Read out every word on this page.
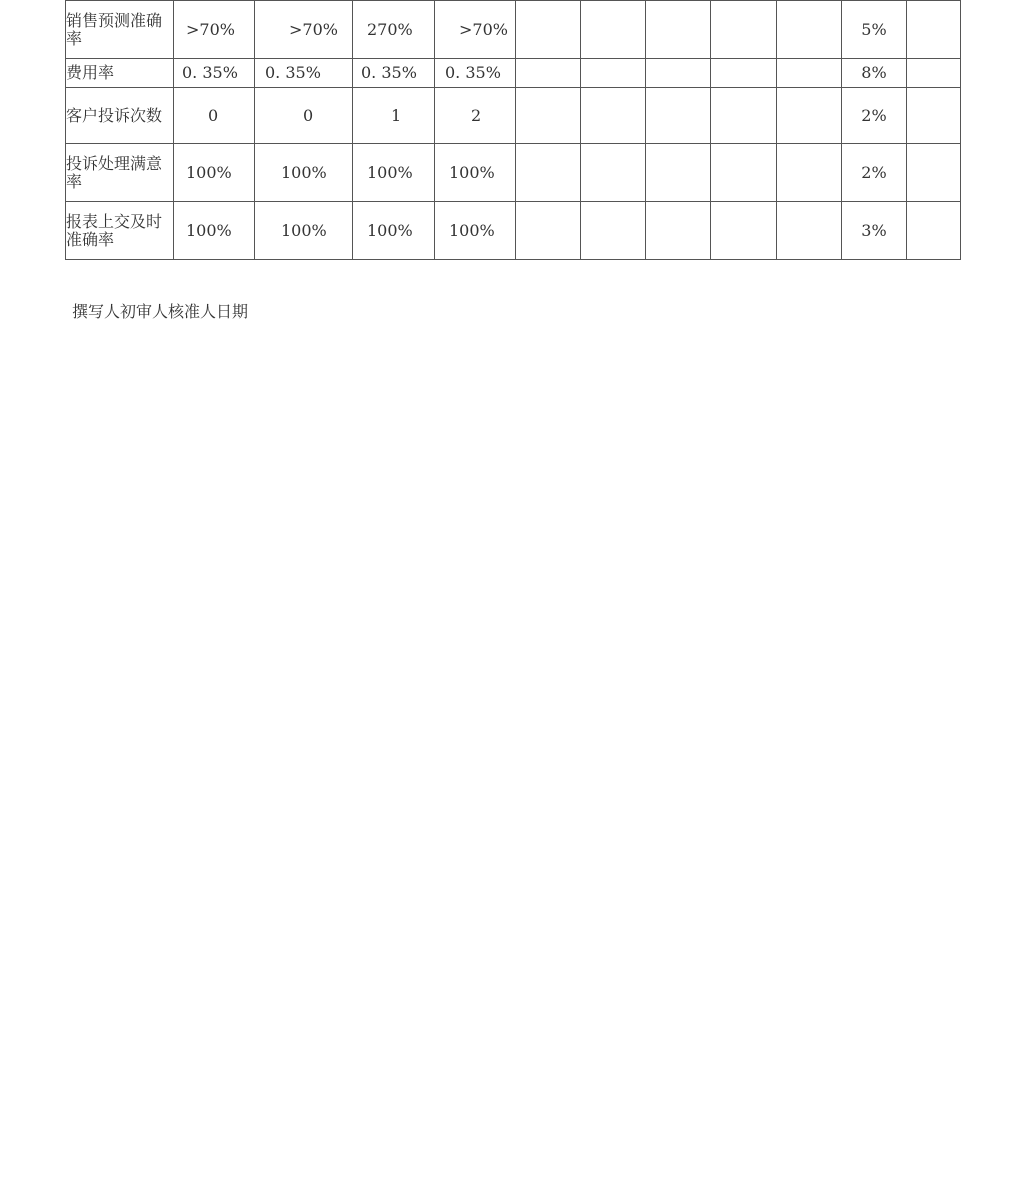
销售预测准确率	>70%	>70%	270%	>70%						5%	
费用率	0. 35%	0. 35%	0. 35%	0. 35%						8%	
客户投诉次数	0	0	1	2						2%	
投诉处理满意率	100%	100%	100%	100%						2%	
报表上交及时准确率	100%	100%	100%	100%						3%	
撰写人初审人核准人日期
